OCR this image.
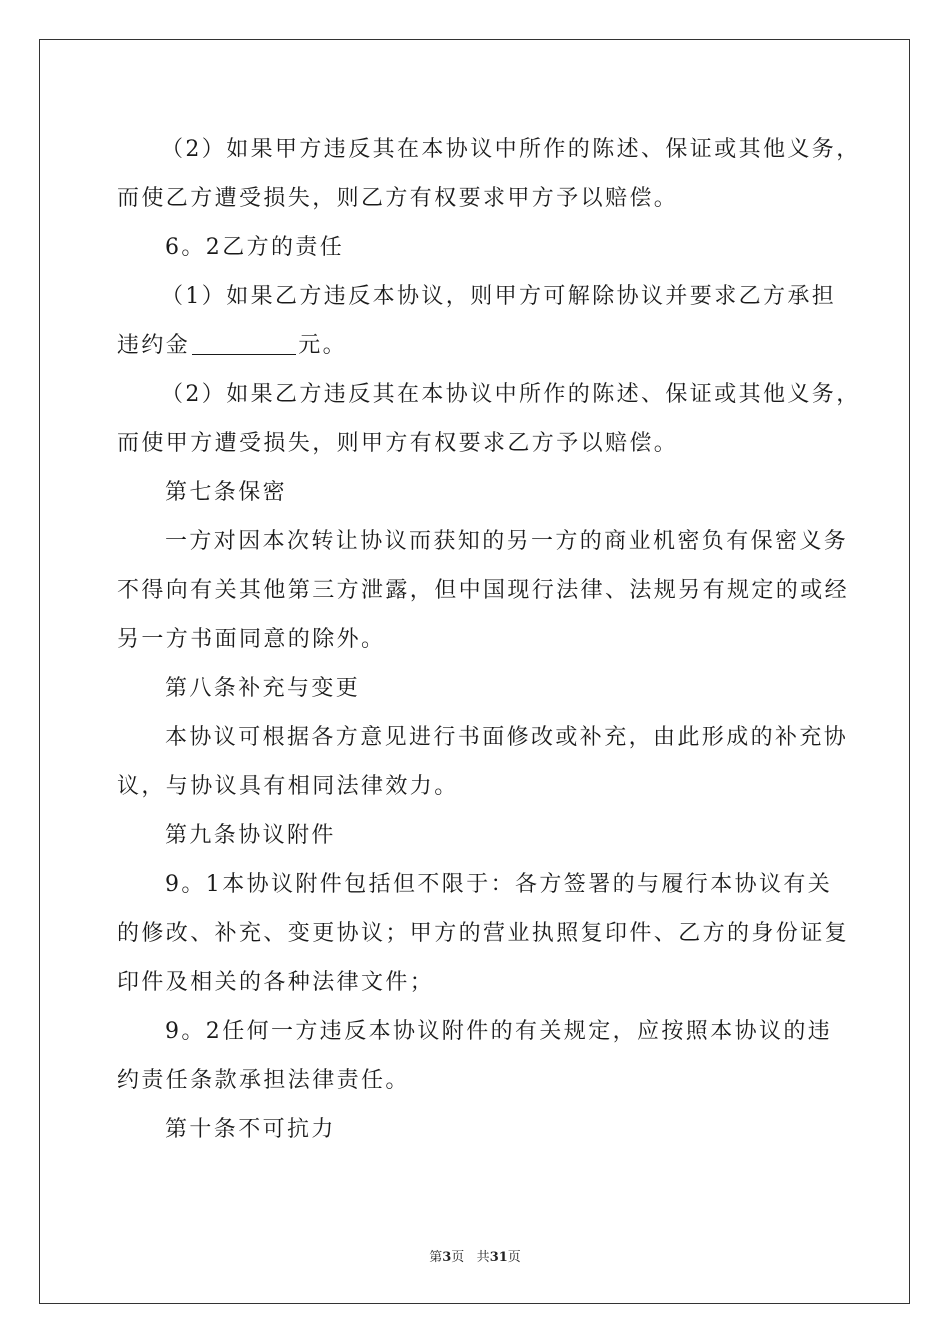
（2）如果甲方违反其在本协议中所作的陈述、保证或其他义务，
而使乙方遭受损失，则乙方有权要求甲方予以赔偿。
6。2乙方的责任
（1）如果乙方违反本协议，则甲方可解除协议并要求乙方承担
违约金	元。
（2）如果乙方违反其在本协议中所作的陈述、保证或其他义务，
而使甲方遭受损失，则甲方有权要求乙方予以赔偿。
第七条保密
一方对因本次转让协议而获知的另一方的商业机密负有保密义务
不得向有关其他第三方泄露，但中国现行法律、法规另有规定的或经
另一方书面同意的除外。
第八条补充与变更
本协议可根据各方意见进行书面修改或补充，由此形成的补充协
议，与协议具有相同法律效力。
第九条协议附件
9。1本协议附件包括但不限于：各方签署的与履行本协议有关
的修改、补充、变更协议；甲方的营业执照复印件、乙方的身份证复
印件及相关的各种法律文件；
9。2任何一方违反本协议附件的有关规定，应按照本协议的违
约责任条款承担法律责任。
第十条不可抗力
第3页 共31页
